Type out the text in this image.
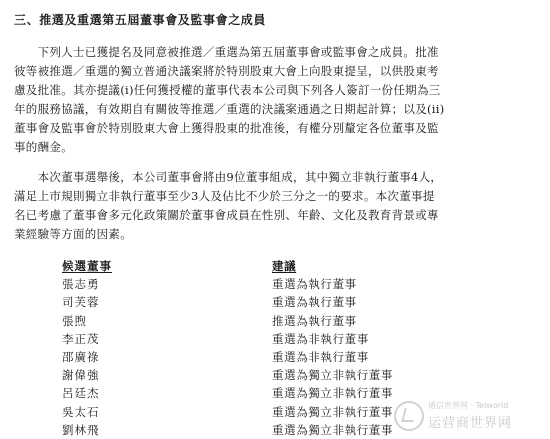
三、推選及重選第五屆董事會及監事會之成員
　　下列人士已獲提名及同意被推選／重選為第五屆董事會或監事會之成員。批准
彼等被推選／重選的獨立普通決議案將於特別股東大會上向股東提呈，以供股東考
慮及批准。其亦提議(i)任何獲授權的董事代表本公司與下列各人簽訂一份任期為三
年的服務協議，有效期自有關彼等推選／重選的決議案通過之日期起計算；以及(ii)
董事會及監事會於特別股東大會上獲得股東的批准後，有權分別釐定各位董事及監
事的酬金。
　　本次董事選舉後，本公司董事會將由9位董事組成，其中獨立非執行董事4人，
滿足上市規則獨立非執行董事至少3人及佔比不少於三分之一的要求。本次董事提
名已考慮了董事會多元化政策關於董事會成員在性別、年齡、文化及教育背景或專
業經驗等方面的因素。
候選董事	建議
張志勇	重選為執行董事
司芙蓉	重選為執行董事
張煦	推選為執行董事
李正茂	重選為非執行董事
邵廣祿	重選為非執行董事
謝偉強	重選為獨立非執行董事
呂廷杰	重選為獨立非執行董事
吳太石	重選為獨立非執行董事
劉林飛	重選為獨立非執行董事
通信世界网 · Telworld
运营商世界网
